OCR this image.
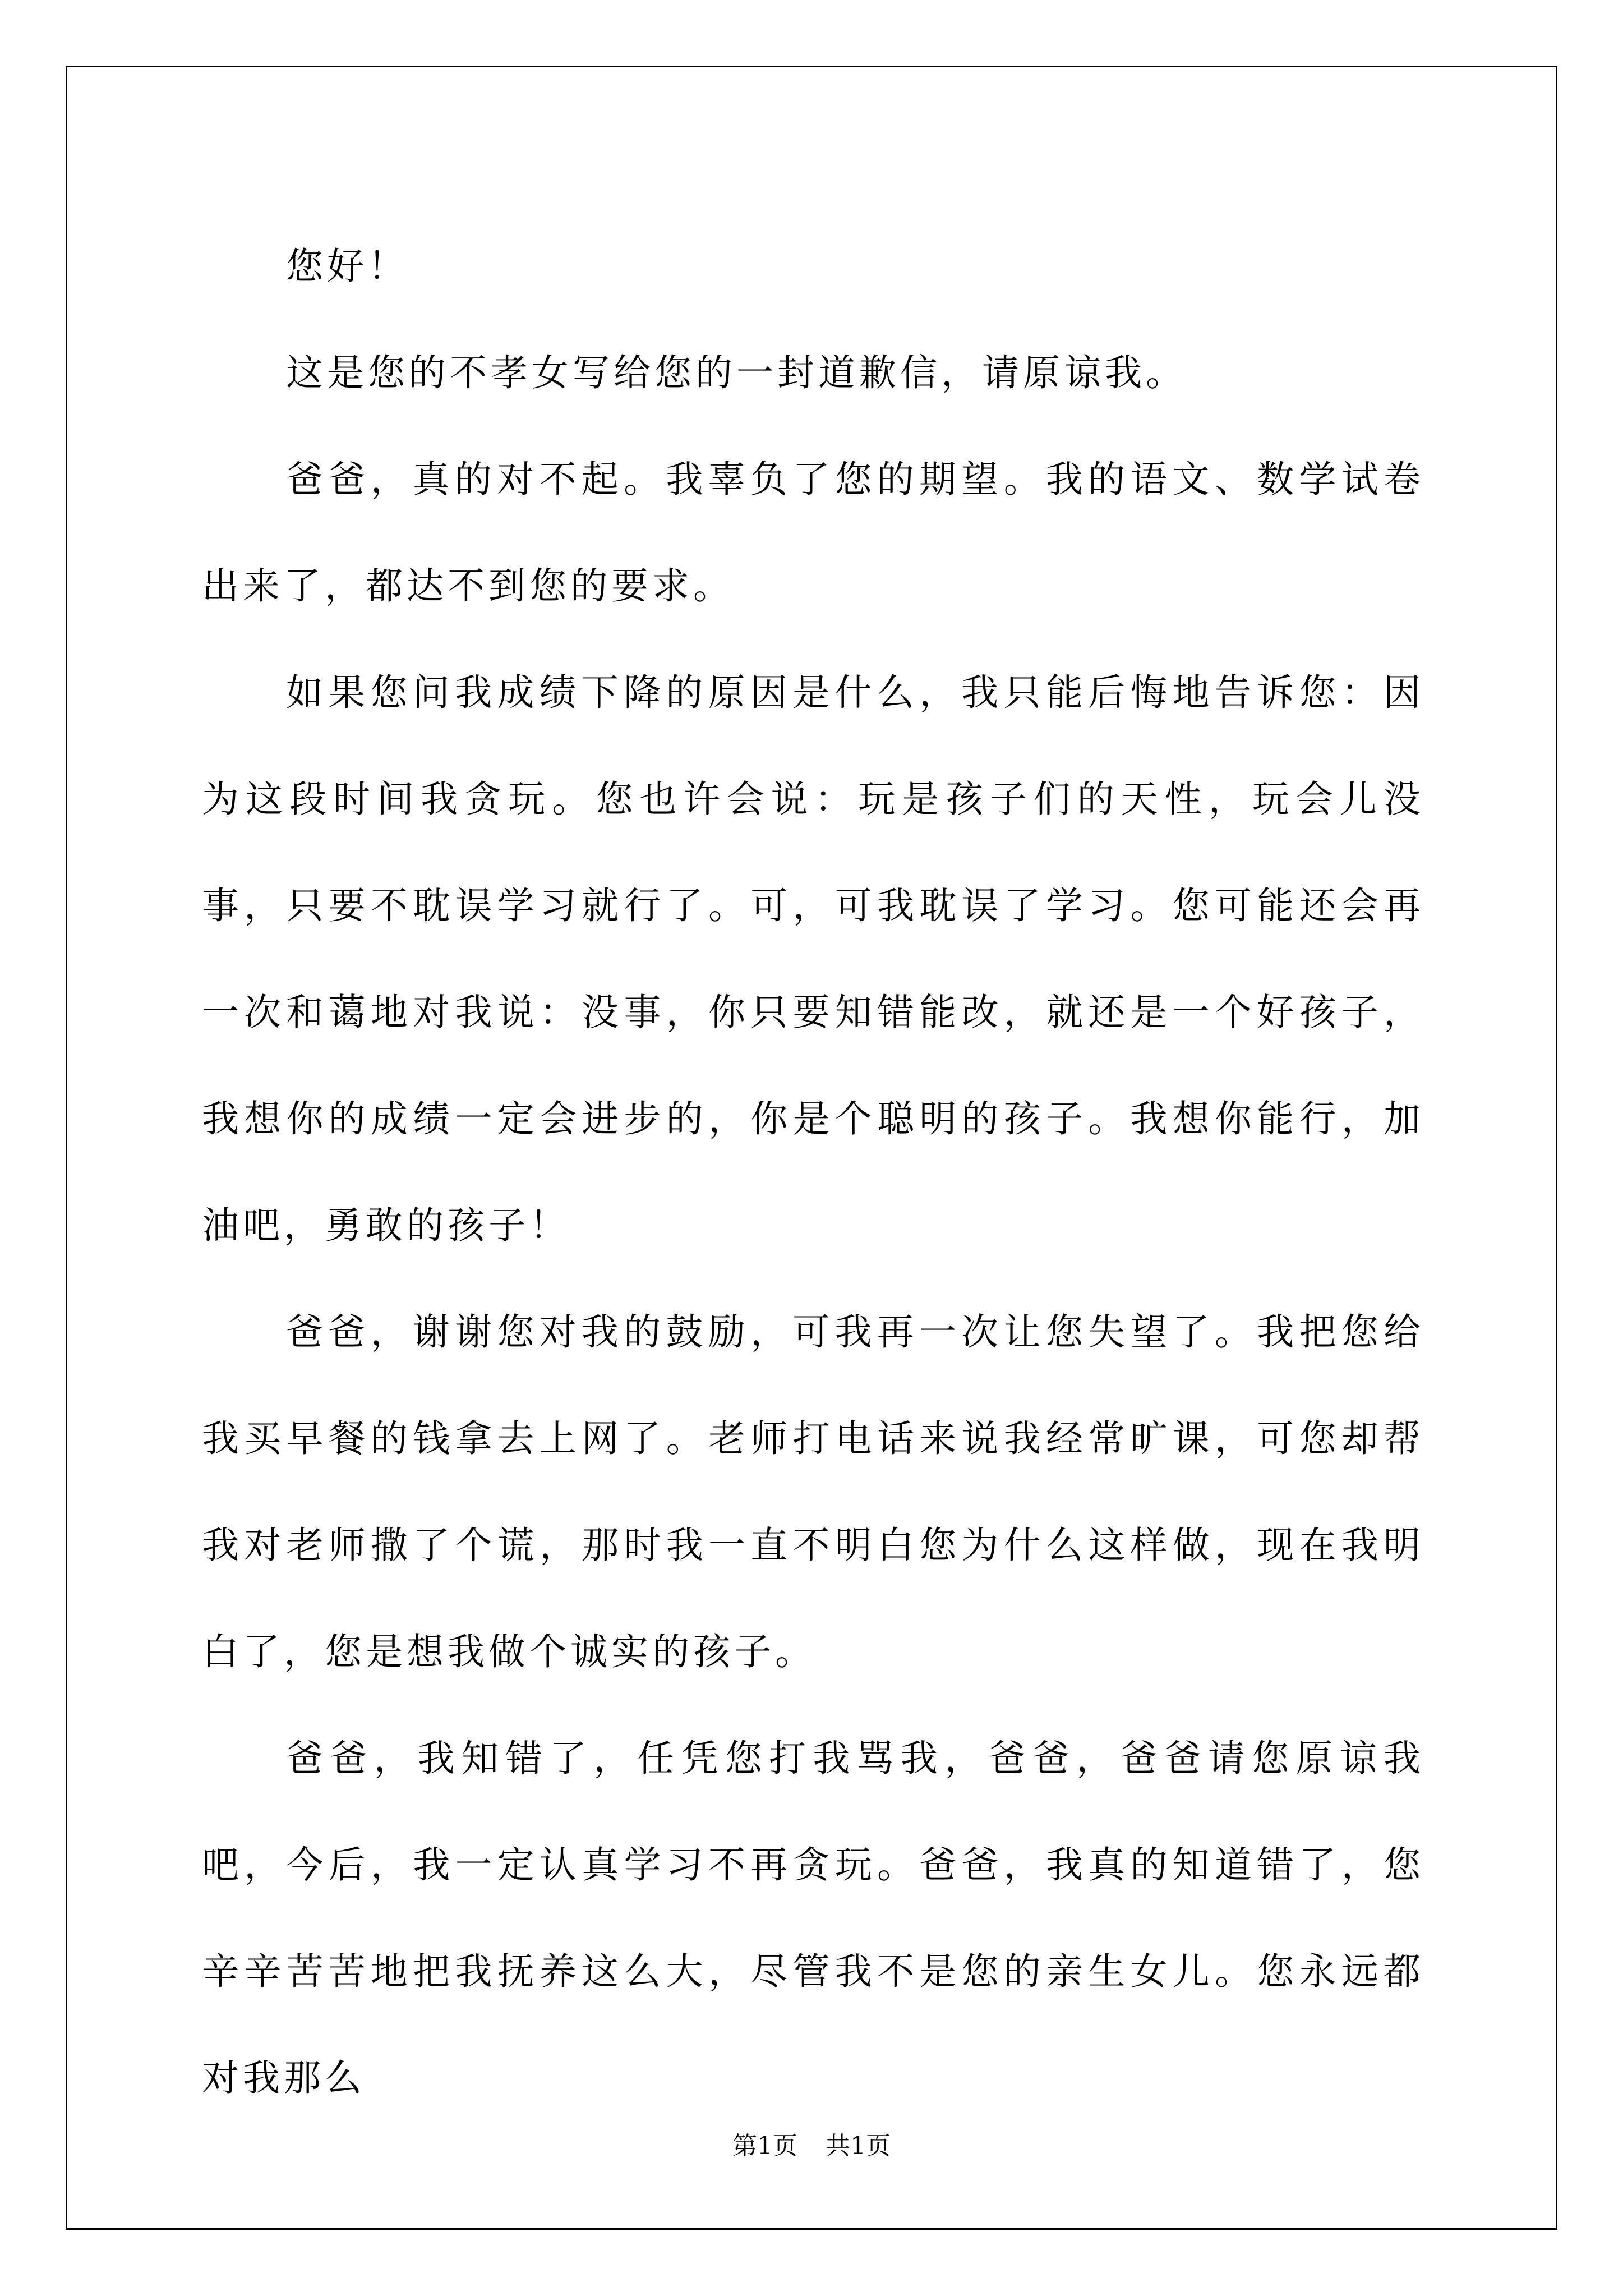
您好！

这是您的不孝女写给您的一封道歉信，请原谅我。

爸爸，真的对不起。我辜负了您的期望。我的语文、数学试卷出来了，都达不到您的要求。

如果您问我成绩下降的原因是什么，我只能后悔地告诉您：因为这段时间我贪玩。您也许会说：玩是孩子们的天性，玩会儿没事，只要不耽误学习就行了。可，可我耽误了学习。您可能还会再一次和蔼地对我说：没事，你只要知错能改，就还是一个好孩子，我想你的成绩一定会进步的，你是个聪明的孩子。我想你能行，加油吧，勇敢的孩子！

爸爸，谢谢您对我的鼓励，可我再一次让您失望了。我把您给我买早餐的钱拿去上网了。老师打电话来说我经常旷课，可您却帮我对老师撒了个谎，那时我一直不明白您为什么这样做，现在我明白了，您是想我做个诚实的孩子。

爸爸，我知错了，任凭您打我骂我，爸爸，爸爸请您原谅我吧，今后，我一定认真学习不再贪玩。爸爸，我真的知道错了，您辛辛苦苦地把我抚养这么大，尽管我不是您的亲生女儿。您永远都对我那么

第1页 共1页
